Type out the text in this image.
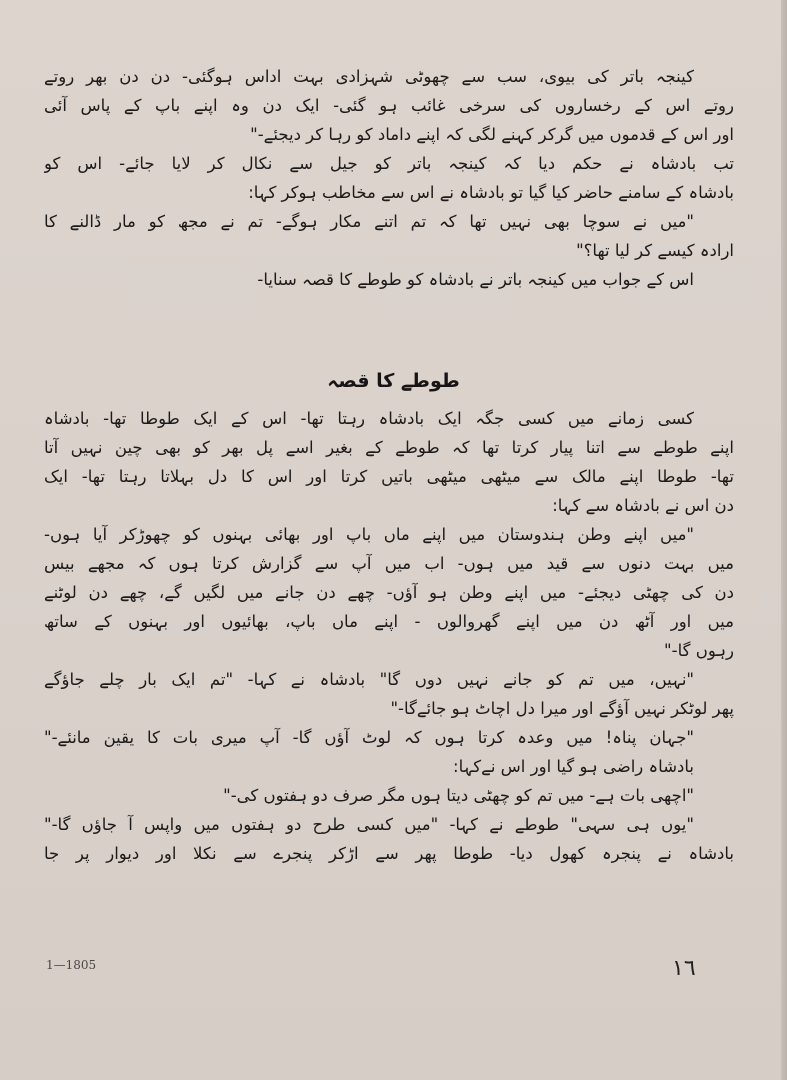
کینجہ باتر کی بیوی، سب سے چھوٹی شہزادی بہت اداس ہوگئی- دن دن بھر روتے
روتے اس کے رخساروں کی سرخی غائب ہو گئی- ایک دن وہ اپنے باپ کے پاس آئی
اور اس کے قدموں میں گرکر کہنے لگی کہ اپنے داماد کو رہا کر دیجئے-"
تب بادشاہ نے حکم دیا کہ کینجہ باتر کو جیل سے نکال کر لایا جائے- اس کو
بادشاہ کے سامنے حاضر کیا گیا تو بادشاہ نے اس سے مخاطب ہوکر کہا:
"میں نے سوچا بھی نہیں تھا کہ تم اتنے مکار ہوگے- تم نے مجھ کو مار ڈالنے کا
ارادہ کیسے کر لیا تھا؟"
اس کے جواب میں کینجہ باتر نے بادشاہ کو طوطے کا قصہ سنایا-
طوطے کا قصہ
کسی زمانے میں کسی جگہ ایک بادشاہ رہتا تھا- اس کے ایک طوطا تھا- بادشاہ
اپنے طوطے سے اتنا پیار کرتا تھا کہ طوطے کے بغیر اسے پل بھر کو بھی چین نہیں آتا
تھا- طوطا اپنے مالک سے میٹھی میٹھی باتیں کرتا اور اس کا دل بہلاتا رہتا تھا- ایک
دن اس نے بادشاہ سے کہا:
"میں اپنے وطن ہندوستان میں اپنے ماں باپ اور بھائی بہنوں کو چھوڑکر آیا ہوں-
میں بہت دنوں سے قید میں ہوں- اب میں آپ سے گزارش کرتا ہوں کہ مجھے بیس
دن کی چھٹی دیجئے- میں اپنے وطن ہو آؤں- چھے دن جانے میں لگیں گے، چھے دن لوٹنے
میں اور آٹھ دن میں اپنے گھروالوں - اپنے ماں باپ، بھائیوں اور بہنوں کے ساتھ
رہوں گا-"
"نہیں، میں تم کو جانے نہیں دوں گا" بادشاہ نے کہا- "تم ایک بار چلے جاؤگے
پھر لوٹکر نہیں آؤگے اور میرا دل اچاٹ ہو جائےگا-"
"جہان پناہ! میں وعدہ کرتا ہوں کہ لوٹ آؤں گا- آپ میری بات کا یقین مانئے-"
بادشاہ راضی ہو گیا اور اس نےکہا:
"اچھی بات ہے- میں تم کو چھٹی دیتا ہوں مگر صرف دو ہفتوں کی-"
"یوں ہی سہی" طوطے نے کہا- "میں کسی طرح دو ہفتوں میں واپس آ جاؤں گا-"
بادشاہ نے پنجرہ کھول دیا- طوطا پھر سے اڑکر پنجرے سے نکلا اور دیوار پر جا
1—1805	١٦
